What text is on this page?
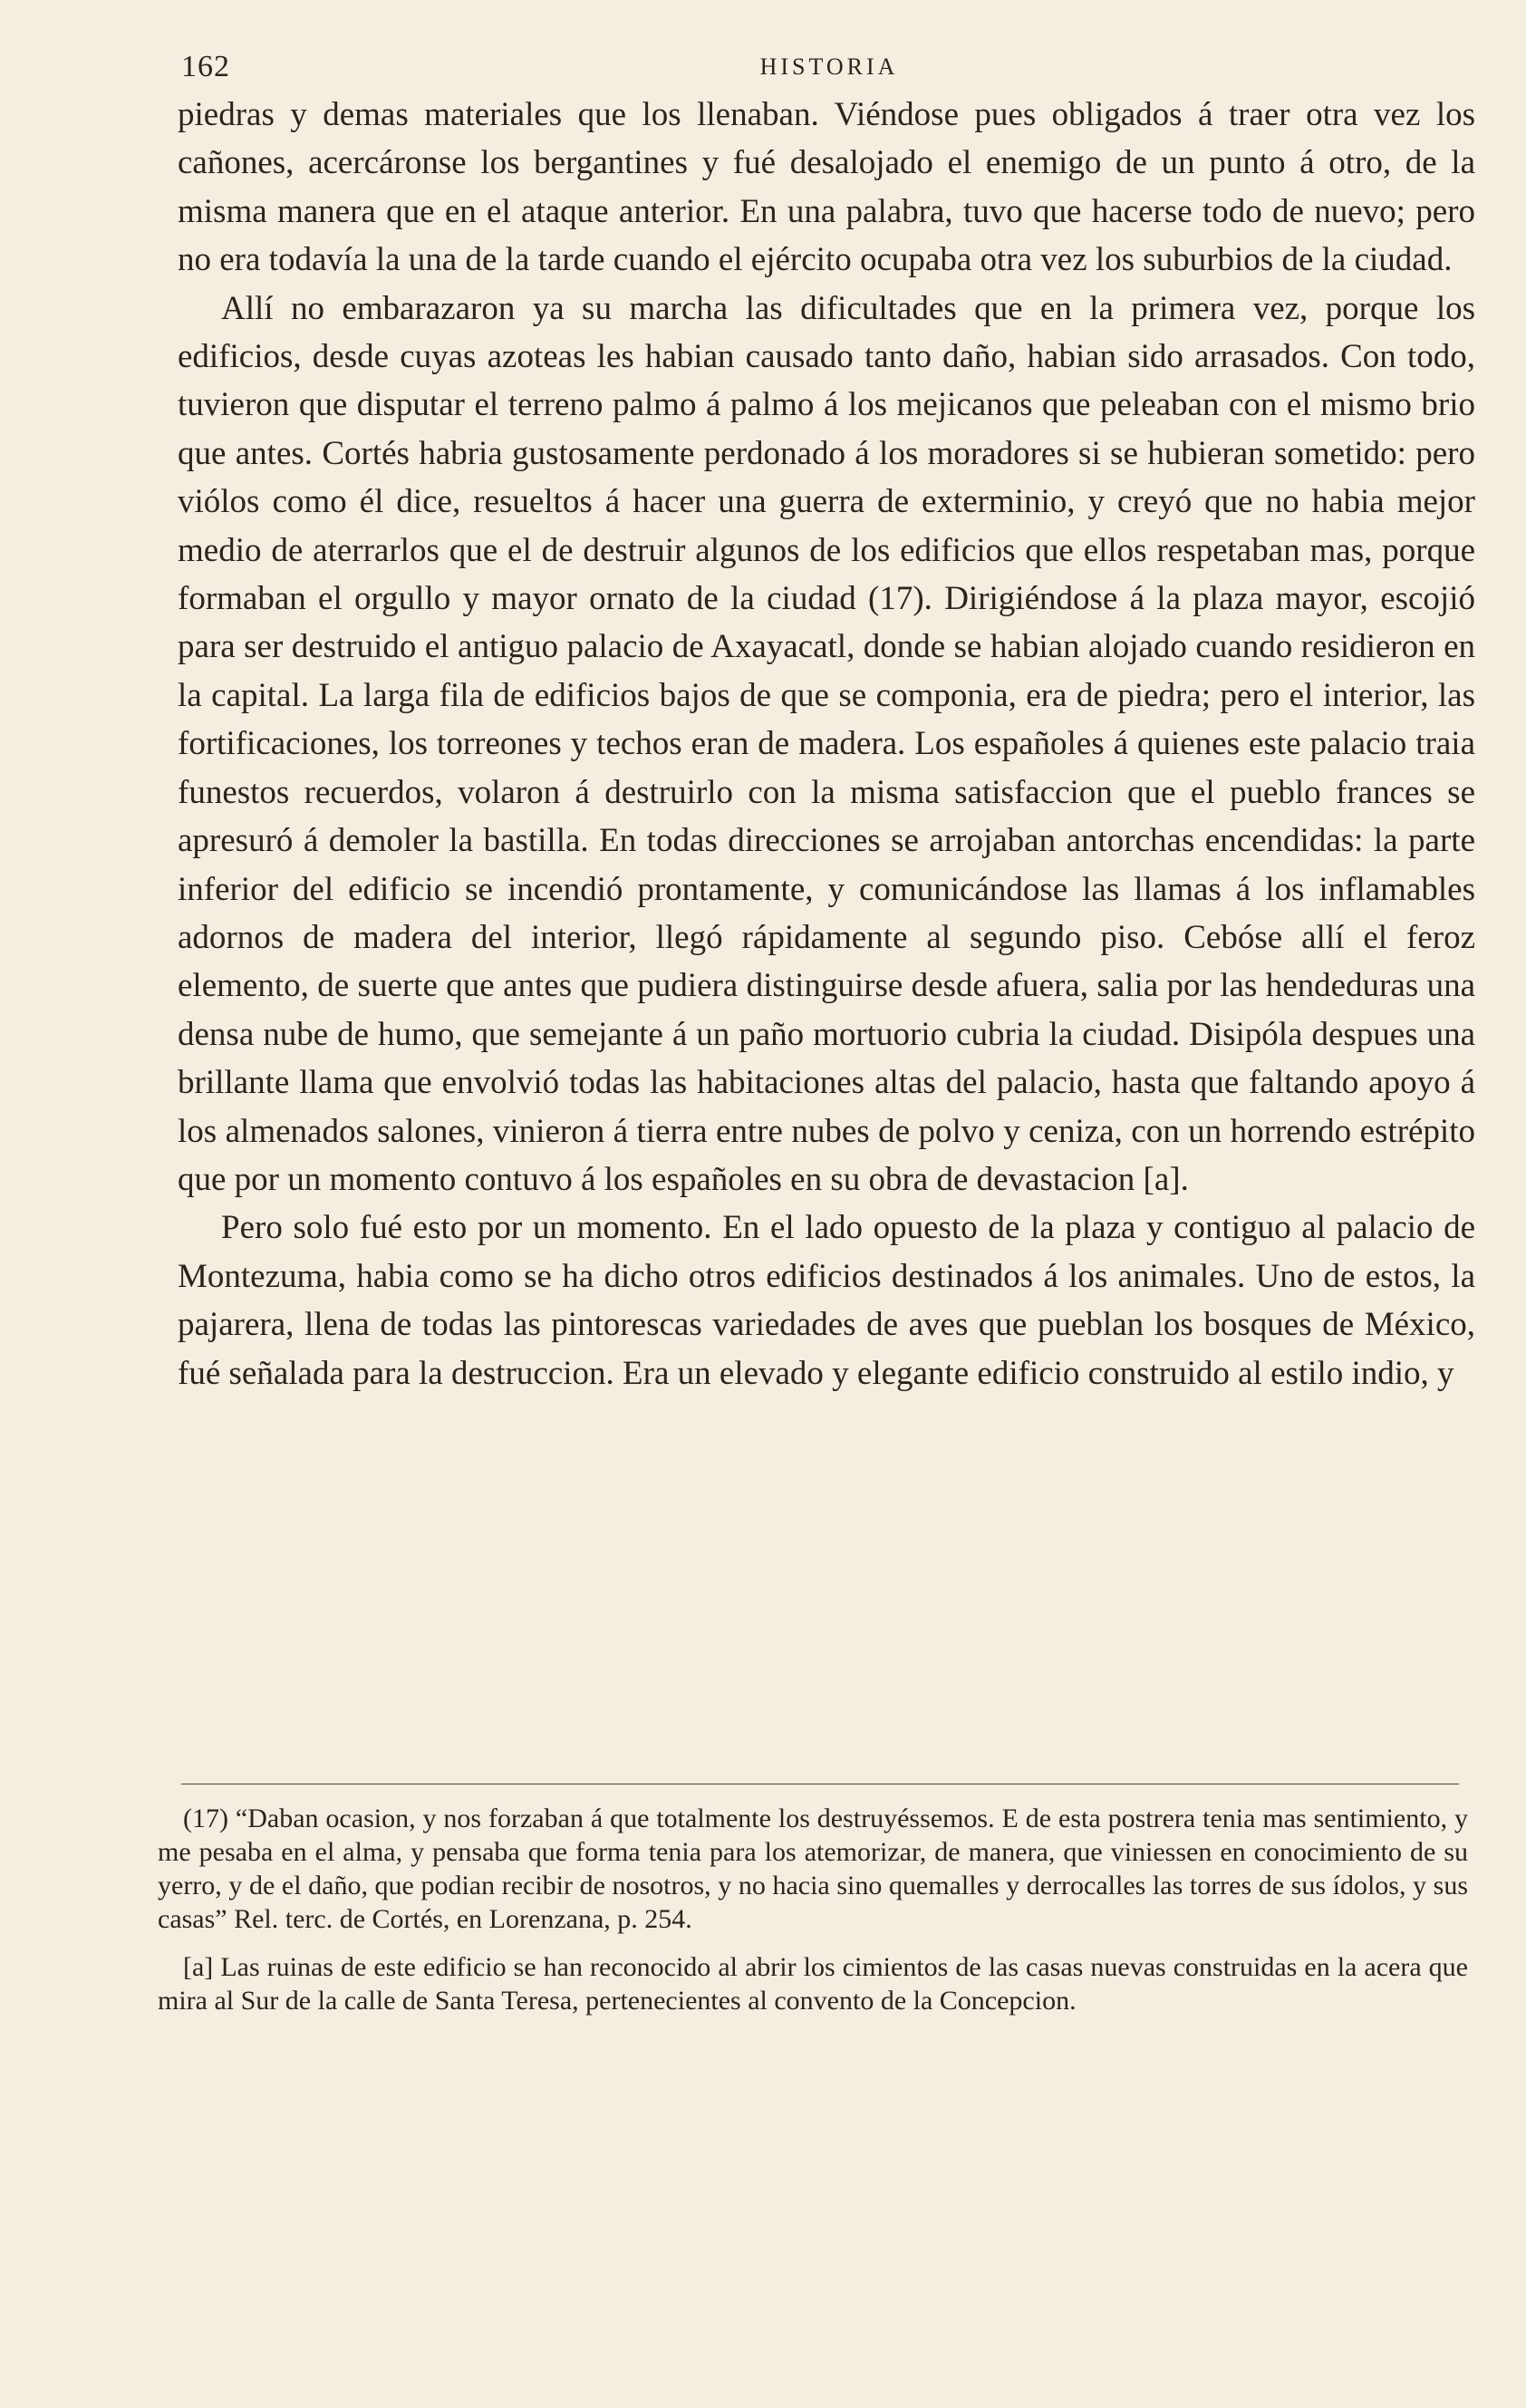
162	HISTORIA

piedras y demas materiales que los llenaban. Viéndose pues obligados á traer otra vez los cañones, acercáronse los bergantines y fué desalojado el enemigo de un punto á otro, de la misma manera que en el ataque anterior. En una palabra, tuvo que hacerse todo de nuevo; pero no era todavía la una de la tarde cuando el ejército ocupaba otra vez los suburbios de la ciudad.

Allí no embarazaron ya su marcha las dificultades que en la primera vez, porque los edificios, desde cuyas azoteas les habian causado tanto daño, habian sido arrasados. Con todo, tuvieron que disputar el terreno palmo á palmo á los mejicanos que peleaban con el mismo brio que antes. Cortés habria gustosamente perdonado á los moradores si se hubieran sometido: pero viólos como él dice, resueltos á hacer una guerra de exterminio, y creyó que no habia mejor medio de aterrarlos que el de destruir algunos de los edificios que ellos respetaban mas, porque formaban el orgullo y mayor ornato de la ciudad (17). Dirigiéndose á la plaza mayor, escojió para ser destruido el antiguo palacio de Axayacatl, donde se habian alojado cuando residieron en la capital. La larga fila de edificios bajos de que se componia, era de piedra; pero el interior, las fortificaciones, los torreones y techos eran de madera. Los españoles á quienes este palacio traia funestos recuerdos, volaron á destruirlo con la misma satisfaccion que el pueblo frances se apresuró á demoler la bastilla. En todas direcciones se arrojaban antorchas encendidas: la parte inferior del edificio se incendió prontamente, y comunicándose las llamas á los inflamables adornos de madera del interior, llegó rápidamente al segundo piso. Cebóse allí el feroz elemento, de suerte que antes que pudiera distinguirse desde afuera, salia por las hendeduras una densa nube de humo, que semejante á un paño mortuorio cubria la ciudad. Disipóla despues una brillante llama que envolvió todas las habitaciones altas del palacio, hasta que faltando apoyo á los almenados salones, vinieron á tierra entre nubes de polvo y ceniza, con un horrendo estrépito que por un momento contuvo á los españoles en su obra de devastacion [a].

Pero solo fué esto por un momento. En el lado opuesto de la plaza y contiguo al palacio de Montezuma, habia como se ha dicho otros edificios destinados á los animales. Uno de estos, la pajarera, llena de todas las pintorescas variedades de aves que pueblan los bosques de México, fué señalada para la destruccion. Era un elevado y elegante edificio construido al estilo indio, y

(17) “Daban ocasion, y nos forzaban á que totalmente los destruyéssemos. E de esta postrera tenia mas sentimiento, y me pesaba en el alma, y pensaba que forma tenia para los atemorizar, de manera, que viniessen en conocimiento de su yerro, y de el daño, que podian recibir de nosotros, y no hacia sino quemalles y derrocalles las torres de sus ídolos, y sus casas” Rel. terc. de Cortés, en Lorenzana, p. 254.

[a] Las ruinas de este edificio se han reconocido al abrir los cimientos de las casas nuevas construidas en la acera que mira al Sur de la calle de Santa Teresa, pertenecientes al convento de la Concepcion.
